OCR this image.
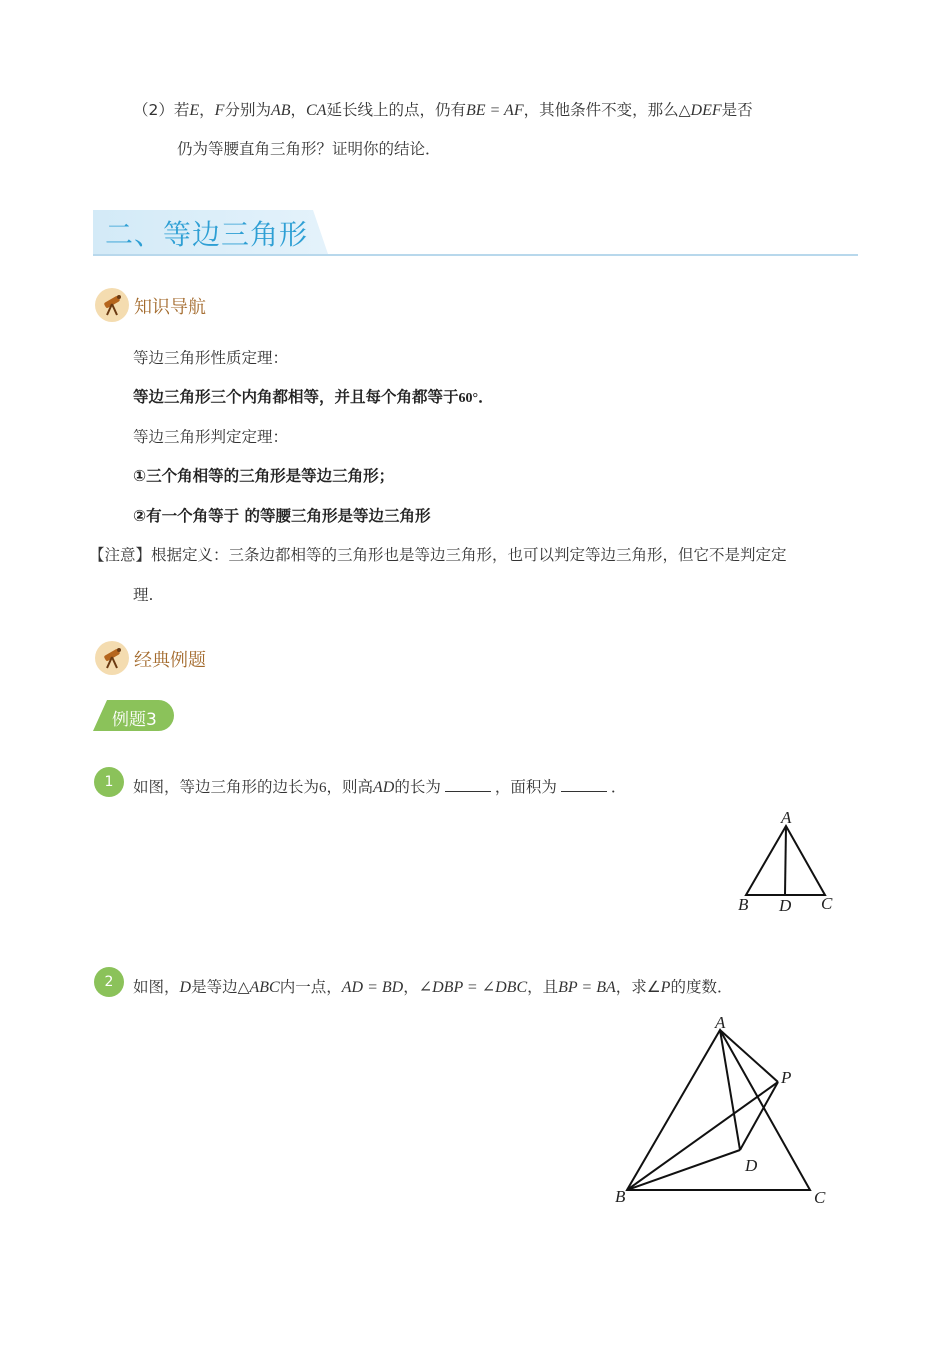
（2）若E，F分别为AB，CA延长线上的点，仍有BE = AF，其他条件不变，那么△DEF是否
仍为等腰直角三角形？证明你的结论．
二、等边三角形
知识导航
等边三角形性质定理：
等边三角形三个内角都相等，并且每个角都等于60°．
等边三角形判定定理：
①三个角相等的三角形是等边三角形；
②有一个角等于 的等腰三角形是等边三角形
【注意】根据定义：三条边都相等的三角形也是等边三角形，也可以判定等边三角形，但它不是判定定
理.
经典例题
例题3
1	如图，等边三角形的边长为6，则高AD的长为	，面积为	．
A
B D C
2	如图，D是等边△ABC内一点，AD = BD，∠DBP = ∠DBC，且BP = BA，求∠P的度数．
A
P
D
B	C
